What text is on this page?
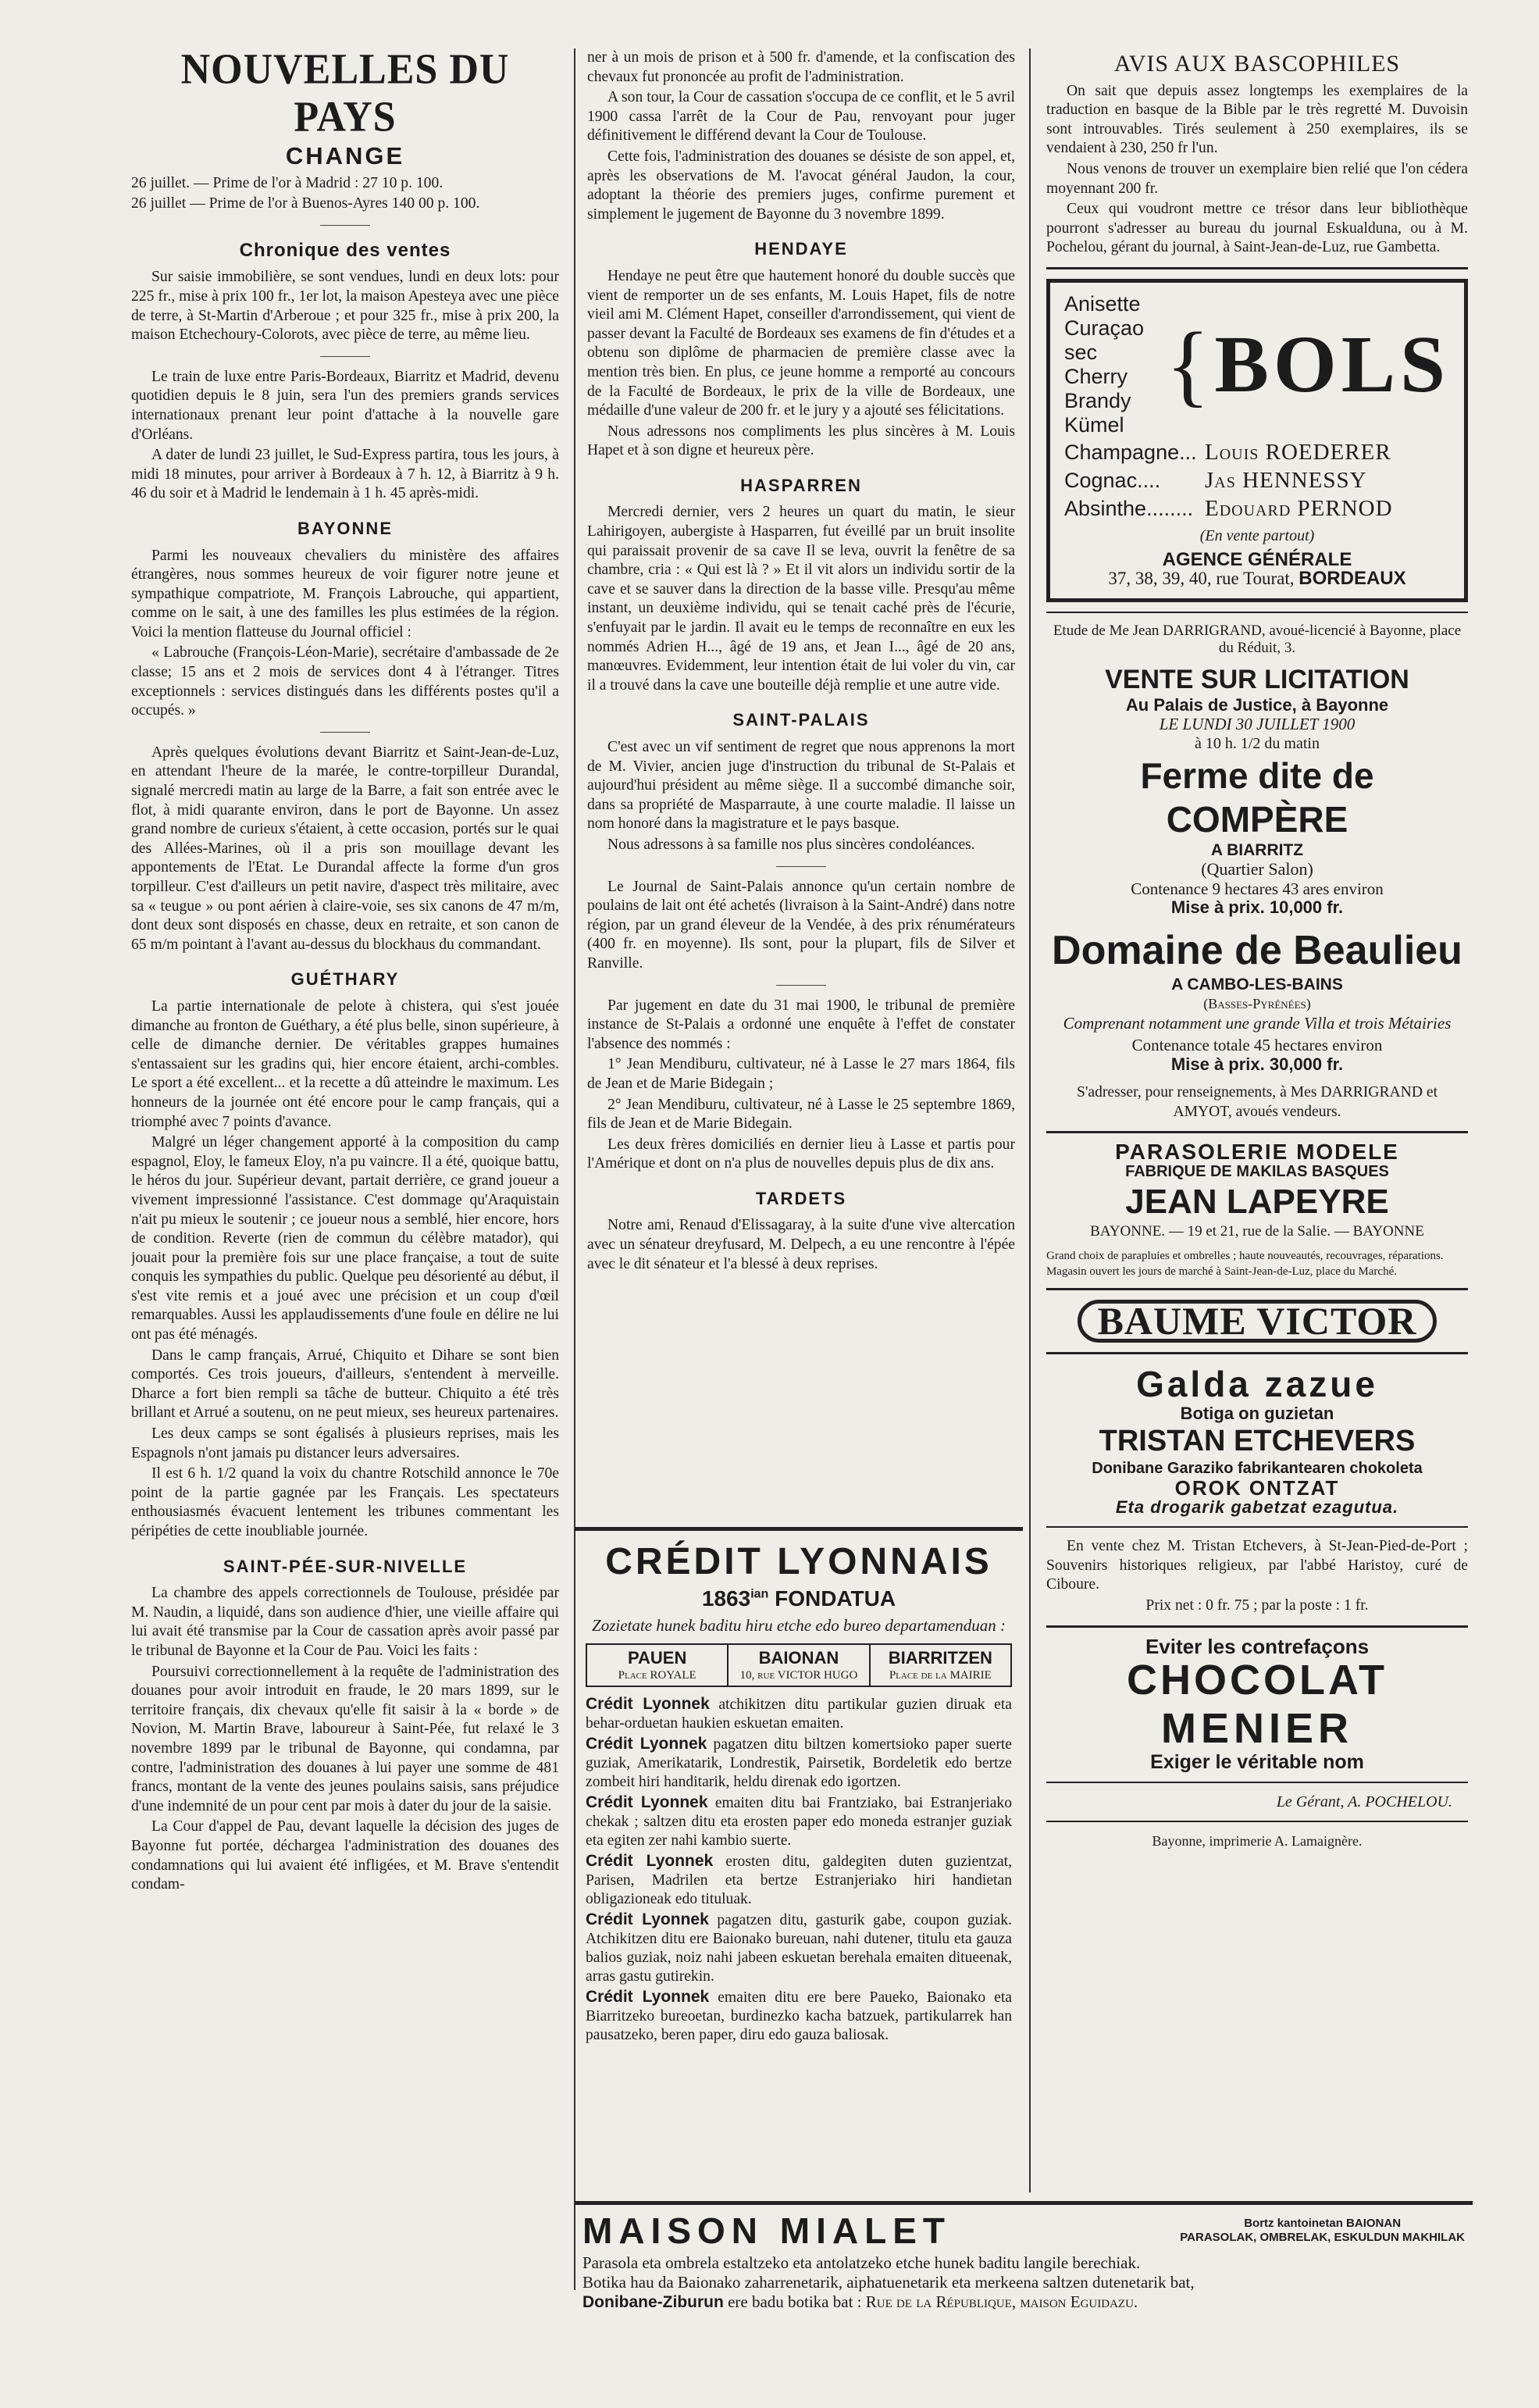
NOUVELLES DU PAYS
CHANGE

26 juillet. — Prime de l'or à Madrid : 27 10 p. 100.

26 juillet — Prime de l'or à Buenos-Ayres 140 00 p. 100.

Chronique des ventes

Sur saisie immobilière, se sont vendues, lundi en deux lots: pour 225 fr., mise à prix 100 fr., 1er lot, la maison Apesteya avec une pièce de terre, à St-Martin d'Arberoue ; et pour 325 fr., mise à prix 200, la maison Etchechoury-Colorots, avec pièce de terre, au même lieu.

Le train de luxe entre Paris-Bordeaux, Biarritz et Madrid, devenu quotidien depuis le 8 juin, sera l'un des premiers grands services internationaux prenant leur point d'attache à la nouvelle gare d'Orléans.

A dater de lundi 23 juillet, le Sud-Express partira, tous les jours, à midi 18 minutes, pour arriver à Bordeaux à 7 h. 12, à Biarritz à 9 h. 46 du soir et à Madrid le lendemain à 1 h. 45 après-midi.

BAYONNE

Parmi les nouveaux chevaliers du ministère des affaires étrangères, nous sommes heureux de voir figurer notre jeune et sympathique compatriote, M. François Labrouche, qui appartient, comme on le sait, à une des familles les plus estimées de la région. Voici la mention flatteuse du Journal officiel :

« Labrouche (François-Léon-Marie), secrétaire d'ambassade de 2e classe; 15 ans et 2 mois de services dont 4 à l'étranger. Titres exceptionnels : services distingués dans les différents postes qu'il a occupés. »

Après quelques évolutions devant Biarritz et Saint-Jean-de-Luz, en attendant l'heure de la marée, le contre-torpilleur Durandal, signalé mercredi matin au large de la Barre, a fait son entrée avec le flot, à midi quarante environ, dans le port de Bayonne. Un assez grand nombre de curieux s'étaient, à cette occasion, portés sur le quai des Allées-Marines, où il a pris son mouillage devant les appontements de l'Etat. Le Durandal affecte la forme d'un gros torpilleur. C'est d'ailleurs un petit navire, d'aspect très militaire, avec sa « teugue » ou pont aérien à claire-voie, ses six canons de 47 m/m, dont deux sont disposés en chasse, deux en retraite, et son canon de 65 m/m pointant à l'avant au-dessus du blockhaus du commandant.

GUÉTHARY

La partie internationale de pelote à chistera, qui s'est jouée dimanche au fronton de Guéthary, a été plus belle, sinon supérieure, à celle de dimanche dernier. De véritables grappes humaines s'entassaient sur les gradins qui, hier encore étaient, archi-combles. Le sport a été excellent... et la recette a dû atteindre le maximum. Les honneurs de la journée ont été encore pour le camp français, qui a triomphé avec 7 points d'avance.

Malgré un léger changement apporté à la composition du camp espagnol, Eloy, le fameux Eloy, n'a pu vaincre. Il a été, quoique battu, le héros du jour. Supérieur devant, partait derrière, ce grand joueur a vivement impressionné l'assistance. C'est dommage qu'Araquistain n'ait pu mieux le soutenir ; ce joueur nous a semblé, hier encore, hors de condition. Reverte (rien de commun du célèbre matador), qui jouait pour la première fois sur une place française, a tout de suite conquis les sympathies du public. Quelque peu désorienté au début, il s'est vite remis et a joué avec une précision et un coup d'œil remarquables. Aussi les applaudissements d'une foule en délire ne lui ont pas été ménagés.

Dans le camp français, Arrué, Chiquito et Dihare se sont bien comportés. Ces trois joueurs, d'ailleurs, s'entendent à merveille. Dharce a fort bien rempli sa tâche de butteur. Chiquito a été très brillant et Arrué a soutenu, on ne peut mieux, ses heureux partenaires.

Les deux camps se sont égalisés à plusieurs reprises, mais les Espagnols n'ont jamais pu distancer leurs adversaires.

Il est 6 h. 1/2 quand la voix du chantre Rotschild annonce le 70e point de la partie gagnée par les Français. Les spectateurs enthousiasmés évacuent lentement les tribunes commentant les péripéties de cette inoubliable journée.

SAINT-PÉE-SUR-NIVELLE

La chambre des appels correctionnels de Toulouse, présidée par M. Naudin, a liquidé, dans son audience d'hier, une vieille affaire qui lui avait été transmise par la Cour de cassation après avoir passé par le tribunal de Bayonne et la Cour de Pau. Voici les faits :

Poursuivi correctionnellement à la requête de l'administration des douanes pour avoir introduit en fraude, le 20 mars 1899, sur le territoire français, dix chevaux qu'elle fit saisir à la « borde » de Novion, M. Martin Brave, laboureur à Saint-Pée, fut relaxé le 3 novembre 1899 par le tribunal de Bayonne, qui condamna, par contre, l'administration des douanes à lui payer une somme de 481 francs, montant de la vente des jeunes poulains saisis, sans préjudice d'une indemnité de un pour cent par mois à dater du jour de la saisie.

La Cour d'appel de Pau, devant laquelle la décision des juges de Bayonne fut portée, déchargea l'administration des douanes des condamnations qui lui avaient été infligées, et M. Brave s'entendit condam-

ner à un mois de prison et à 500 fr. d'amende, et la confiscation des chevaux fut prononcée au profit de l'administration.

A son tour, la Cour de cassation s'occupa de ce conflit, et le 5 avril 1900 cassa l'arrêt de la Cour de Pau, renvoyant pour juger définitivement le différend devant la Cour de Toulouse.

Cette fois, l'administration des douanes se désiste de son appel, et, après les observations de M. l'avocat général Jaudon, la cour, adoptant la théorie des premiers juges, confirme purement et simplement le jugement de Bayonne du 3 novembre 1899.

HENDAYE

Hendaye ne peut être que hautement honoré du double succès que vient de remporter un de ses enfants, M. Louis Hapet, fils de notre vieil ami M. Clément Hapet, conseiller d'arrondissement, qui vient de passer devant la Faculté de Bordeaux ses examens de fin d'études et a obtenu son diplôme de pharmacien de première classe avec la mention très bien. En plus, ce jeune homme a remporté au concours de la Faculté de Bordeaux, le prix de la ville de Bordeaux, une médaille d'une valeur de 200 fr. et le jury y a ajouté ses félicitations.

Nous adressons nos compliments les plus sincères à M. Louis Hapet et à son digne et heureux père.

HASPARREN

Mercredi dernier, vers 2 heures un quart du matin, le sieur Lahirigoyen, aubergiste à Hasparren, fut éveillé par un bruit insolite qui paraissait provenir de sa cave Il se leva, ouvrit la fenêtre de sa chambre, cria : « Qui est là ? » Et il vit alors un individu sortir de la cave et se sauver dans la direction de la basse ville. Presqu'au même instant, un deuxième individu, qui se tenait caché près de l'écurie, s'enfuyait par le jardin. Il avait eu le temps de reconnaître en eux les nommés Adrien H..., âgé de 19 ans, et Jean I..., âgé de 20 ans, manœuvres. Evidemment, leur intention était de lui voler du vin, car il a trouvé dans la cave une bouteille déjà remplie et une autre vide.

SAINT-PALAIS

C'est avec un vif sentiment de regret que nous apprenons la mort de M. Vivier, ancien juge d'instruction du tribunal de St-Palais et aujourd'hui président au même siège. Il a succombé dimanche soir, dans sa propriété de Masparraute, à une courte maladie. Il laisse un nom honoré dans la magistrature et le pays basque.

Nous adressons à sa famille nos plus sincères condoléances.

Le Journal de Saint-Palais annonce qu'un certain nombre de poulains de lait ont été achetés (livraison à la Saint-André) dans notre région, par un grand éleveur de la Vendée, à des prix rénumérateurs (400 fr. en moyenne). Ils sont, pour la plupart, fils de Silver et Ranville.

Par jugement en date du 31 mai 1900, le tribunal de première instance de St-Palais a ordonné une enquête à l'effet de constater l'absence des nommés :

1° Jean Mendiburu, cultivateur, né à Lasse le 27 mars 1864, fils de Jean et de Marie Bidegain ;

2° Jean Mendiburu, cultivateur, né à Lasse le 25 septembre 1869, fils de Jean et de Marie Bidegain.

Les deux frères domiciliés en dernier lieu à Lasse et partis pour l'Amérique et dont on n'a plus de nouvelles depuis plus de dix ans.

TARDETS

Notre ami, Renaud d'Elissagaray, à la suite d'une vive altercation avec un sénateur dreyfusard, M. Delpech, a eu une rencontre à l'épée avec le dit sénateur et l'a blessé à deux reprises.

CRÉDIT LYONNAIS
$1863^{ian}$ FONDATUA
Zozietate hunek baditu hiru etche edo bureo departamenduan :
PAUEN
Place ROYALE
BAIONAN
10, rue VICTOR HUGO
BIARRITZEN
Place de la MAIRIE

Crédit Lyonnek atchikitzen ditu partikular guzien diruak eta behar-orduetan haukien eskuetan emaiten.

Crédit Lyonnek pagatzen ditu biltzen komertsioko paper suerte guziak, Amerikatarik, Londrestik, Pairsetik, Bordeletik edo bertze zombeit hiri handitarik, heldu direnak edo igortzen.

Crédit Lyonnek emaiten ditu bai Frantziako, bai Estranjeriako chekak ; saltzen ditu eta erosten paper edo moneda estranjer guziak eta egiten zer nahi kambio suerte.

Crédit Lyonnek erosten ditu, galdegiten duten guzientzat, Parisen, Madrilen eta bertze Estranjeriako hiri handietan obligazioneak edo tituluak.

Crédit Lyonnek pagatzen ditu, gasturik gabe, coupon guziak. Atchikitzen ditu ere Baionako bureuan, nahi dutener, titulu eta gauza balios guziak, noiz nahi jabeen eskuetan berehala emaiten ditueenak, arras gastu gutirekin.

Crédit Lyonnek emaiten ditu ere bere Paueko, Baionako eta Biarritzeko bureoetan, burdinezko kacha batzuek, partikularrek han pausatzeko, beren paper, diru edo gauza baliosak.

AVIS AUX BASCOPHILES

On sait que depuis assez longtemps les exemplaires de la traduction en basque de la Bible par le très regretté M. Duvoisin sont introuvables. Tirés seulement à 250 exemplaires, ils se vendaient à 230, 250 fr l'un.

Nous venons de trouver un exemplaire bien relié que l'on cédera moyennant 200 fr.

Ceux qui voudront mettre ce trésor dans leur bibliothèque pourront s'adresser au bureau du journal Eskualduna, ou à M. Pochelou, gérant du journal, à Saint-Jean-de-Luz, rue Gambetta.

Anisette
Curaçao sec
Cherry Brandy
Kümel
{ BOLS
Champagne... Louis ROEDERER
Cognac....	Jas HENNESSY
Absinthe........ Edouard PERNOD
(En vente partout)
AGENCE GÉNÉRALE
37, 38, 39, 40, rue Tourat, BORDEAUX

Etude de Me Jean DARRIGRAND, avoué-licencié à Bayonne, place du Réduit, 3.

VENTE SUR LICITATION
Au Palais de Justice, à Bayonne
LE LUNDI 30 JUILLET 1900
à 10 h. 1/2 du matin
Ferme dite de COMPÈRE
A BIARRITZ
(Quartier Salon)
Contenance 9 hectares 43 ares environ
Mise à prix. 10,000 fr.
Domaine de Beaulieu
A CAMBO-LES-BAINS
(Basses-Pyrénées)
Comprenant notamment une grande Villa et trois Métairies
Contenance totale 45 hectares environ
Mise à prix. 30,000 fr.

S'adresser, pour renseignements, à Mes DARRIGRAND et AMYOT, avoués vendeurs.

PARASOLERIE MODELE
FABRIQUE DE MAKILAS BASQUES
JEAN LAPEYRE
BAYONNE. — 19 et 21, rue de la Salie. — BAYONNE

Grand choix de parapluies et ombrelles ; haute nouveautés, recouvrages, réparations.

Magasin ouvert les jours de marché à Saint-Jean-de-Luz, place du Marché.

BAUME VICTOR
Galda zazue
Botiga on guzietan
TRISTAN ETCHEVERS
Donibane Garaziko fabrikantearen chokoleta
OROK ONTZAT
Eta drogarik gabetzat ezagutua.

En vente chez M. Tristan Etchevers, à St-Jean-Pied-de-Port ; Souvenirs historiques religieux, par l'abbé Haristoy, curé de Ciboure.

Prix net : 0 fr. 75 ; par la poste : 1 fr.

Eviter les contrefaçons
CHOCOLAT
MENIER
Exiger le véritable nom

Le Gérant, A. POCHELOU.

Bayonne, imprimerie A. Lamaignère.

MAISON MIALET	Bortz kantoinetan BAIONAN
PARASOLAK, OMBRELAK, ESKULDUN MAKHILAK

Parasola eta ombrela estaltzeko eta antolatzeko etche hunek baditu langile berechiak.

Botika hau da Baionako zaharrenetarik, aiphatuenetarik eta merkeena saltzen dutenetarik bat,

Donibane-Ziburun ere badu botika bat : Rue de la République, maison Eguidazu.
